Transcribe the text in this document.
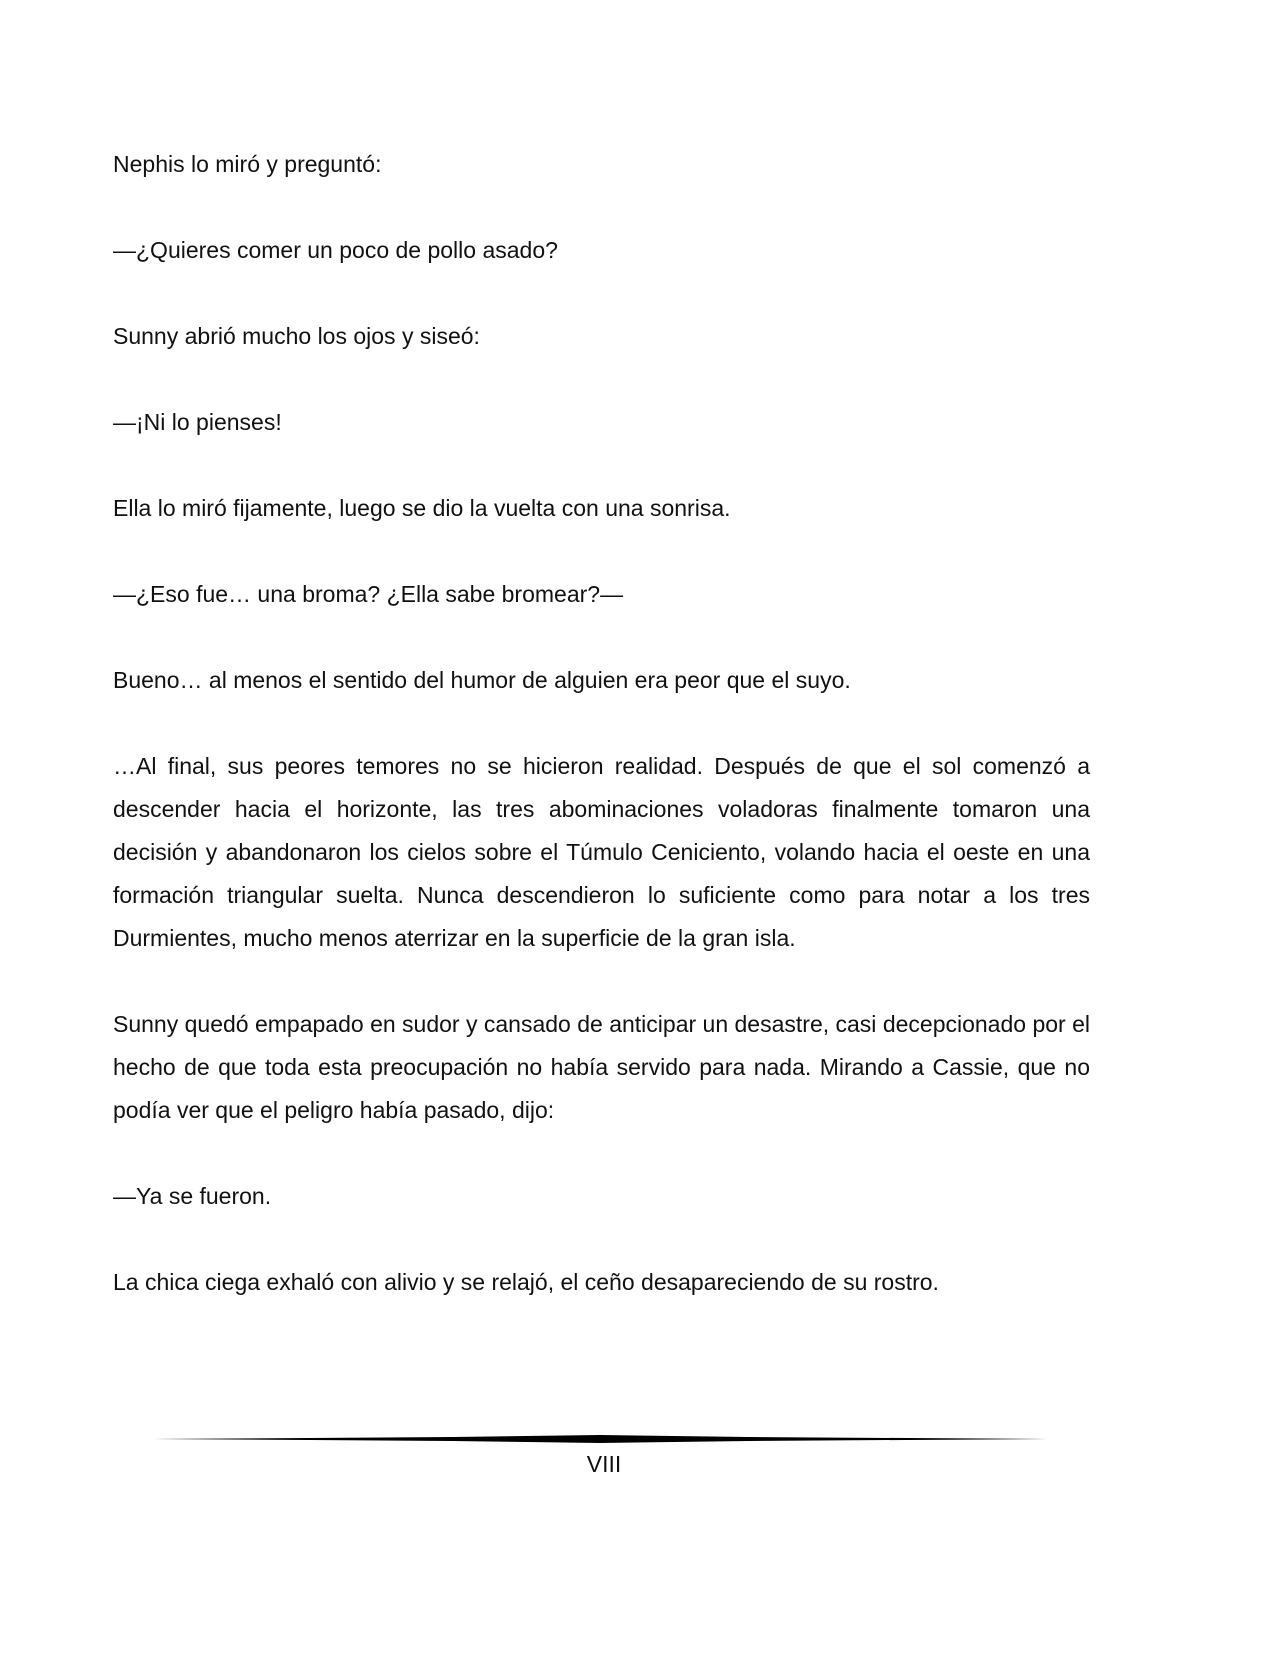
Nephis lo miró y preguntó:

—¿Quieres comer un poco de pollo asado?

Sunny abrió mucho los ojos y siseó:

—¡Ni lo pienses!

Ella lo miró fijamente, luego se dio la vuelta con una sonrisa.

—¿Eso fue… una broma? ¿Ella sabe bromear?—

Bueno… al menos el sentido del humor de alguien era peor que el suyo.

…Al final, sus peores temores no se hicieron realidad. Después de que el sol comenzó a descender hacia el horizonte, las tres abominaciones voladoras finalmente tomaron una decisión y abandonaron los cielos sobre el Túmulo Ceniciento, volando hacia el oeste en una formación triangular suelta. Nunca descendieron lo suficiente como para notar a los tres Durmientes, mucho menos aterrizar en la superficie de la gran isla.

Sunny quedó empapado en sudor y cansado de anticipar un desastre, casi decepcionado por el hecho de que toda esta preocupación no había servido para nada. Mirando a Cassie, que no podía ver que el peligro había pasado, dijo:

—Ya se fueron.

La chica ciega exhaló con alivio y se relajó, el ceño desapareciendo de su rostro.

VIII
